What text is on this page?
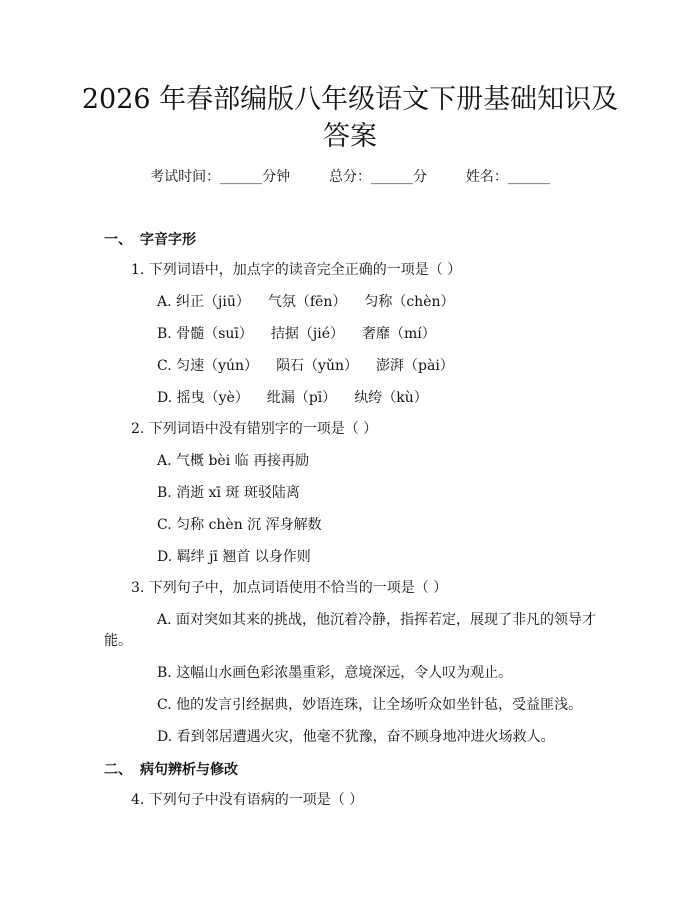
2026 年春部编版八年级语文下册基础知识及
答案
考试时间：______分钟	总分：______分	姓名：______
一、 字音字形
1. 下列词语中，加点字的读音完全正确的一项是（ ）
A. 纠正（jiū） 气氛（fēn） 匀称（chèn）
B. 骨髓（suī） 拮据（jié） 奢靡（mí）
C. 匀速（yún） 陨石（yǔn） 澎湃（pài）
D. 摇曳（yè） 纰漏（pī） 纨绔（kù）
2. 下列词语中没有错别字的一项是（ ）
A. 气概 bèi 临 再接再励
B. 消逝 xī 斑 斑驳陆离
C. 匀称 chèn 沉 浑身解数
D. 羁绊 jī 翘首 以身作则
3. 下列句子中，加点词语使用不恰当的一项是（ ）
A. 面对突如其来的挑战，他沉着冷静，指挥若定，展现了非凡的领导才
能。
B. 这幅山水画色彩浓墨重彩，意境深远，令人叹为观止。
C. 他的发言引经据典，妙语连珠，让全场听众如坐针毡，受益匪浅。
D. 看到邻居遭遇火灾，他毫不犹豫，奋不顾身地冲进火场救人。
二、 病句辨析与修改
4. 下列句子中没有语病的一项是（ ）
